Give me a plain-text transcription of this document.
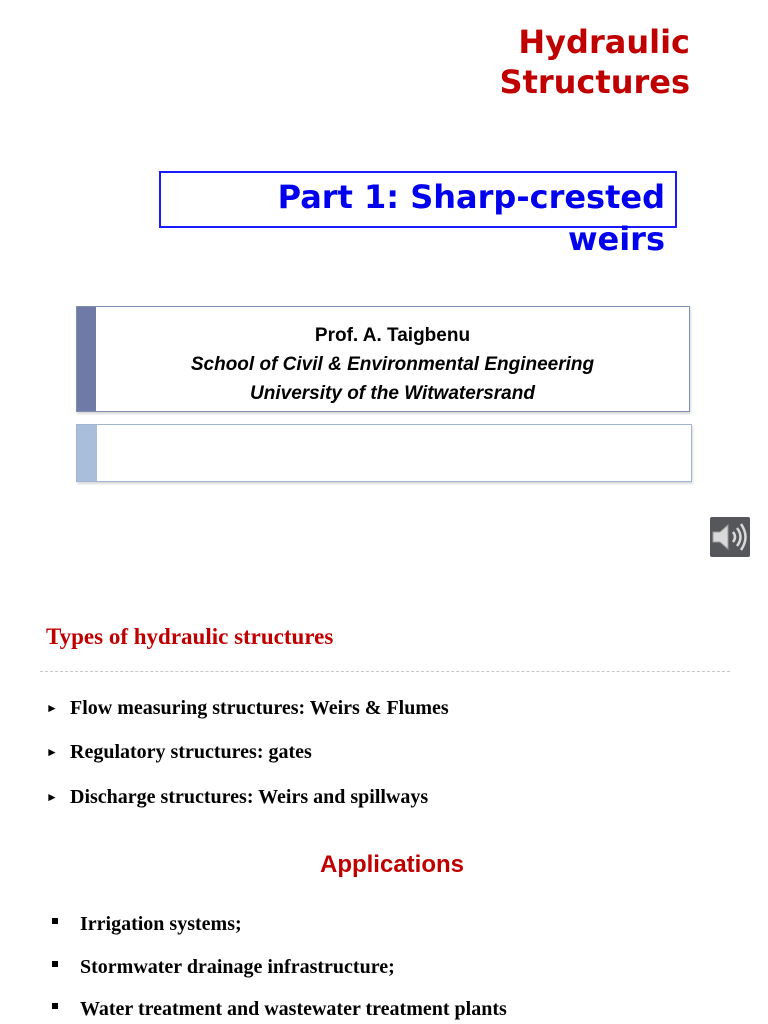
Hydraulic
Structures
Part 1: Sharp-crested
weirs
Prof. A. Taigbenu
School of Civil & Environmental Engineering
University of the Witwatersrand
Types of hydraulic structures
► Flow measuring structures: Weirs & Flumes
► Regulatory structures: gates
► Discharge structures: Weirs and spillways
Applications
Irrigation systems;
Stormwater drainage infrastructure;
Water treatment and wastewater treatment plants
